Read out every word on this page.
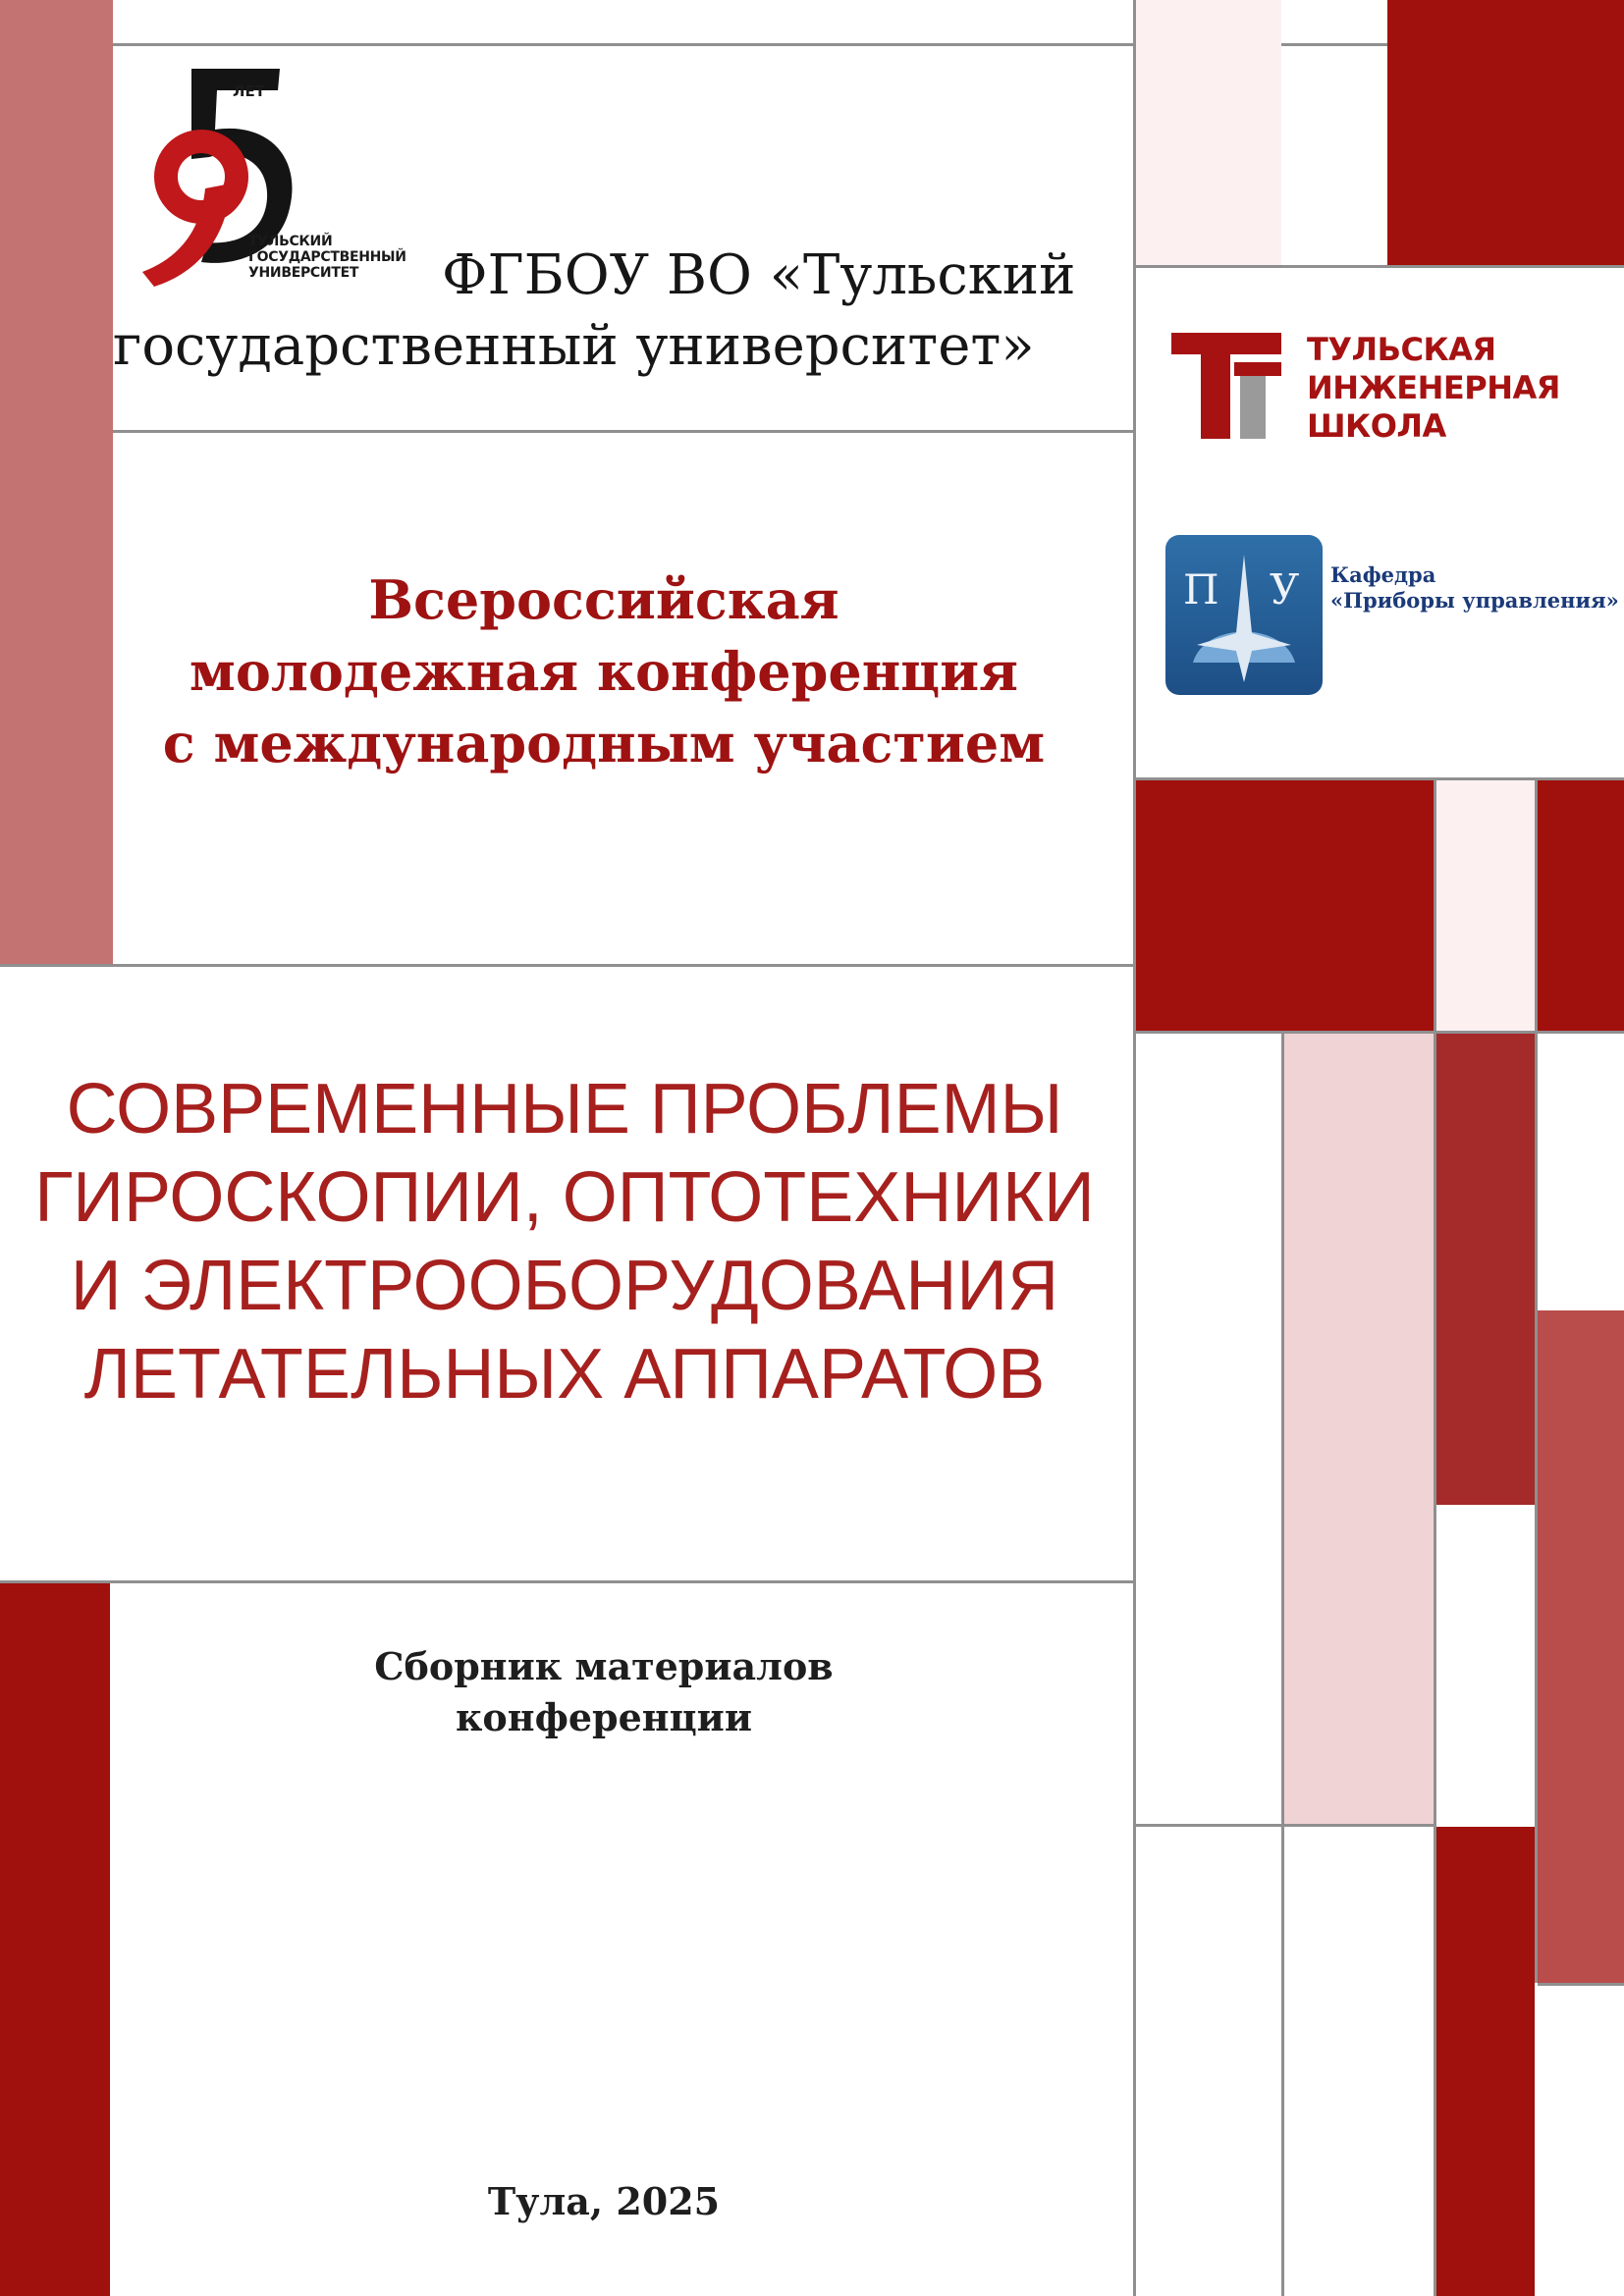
ЛЕТ
ТУЛЬСКИЙ
ГОСУДАРСТВЕННЫЙ
УНИВЕРСИТЕТ	ФГБОУ ВО «Тульский
государственный университет»	ТУЛЬСКАЯ
ИНЖЕНЕРНАЯ
ШКОЛА
П У Кафедра
«Приборы управления»
Всероссийская
молодежная конференция
с международным участием
СОВРЕМЕННЫЕ ПРОБЛЕМЫ
ГИРОСКОПИИ, ОПТОТЕХНИКИ
И ЭЛЕКТРООБОРУДОВАНИЯ
ЛЕТАТЕЛЬНЫХ АППАРАТОВ
Сборник материалов
конференции
Тула, 2025
